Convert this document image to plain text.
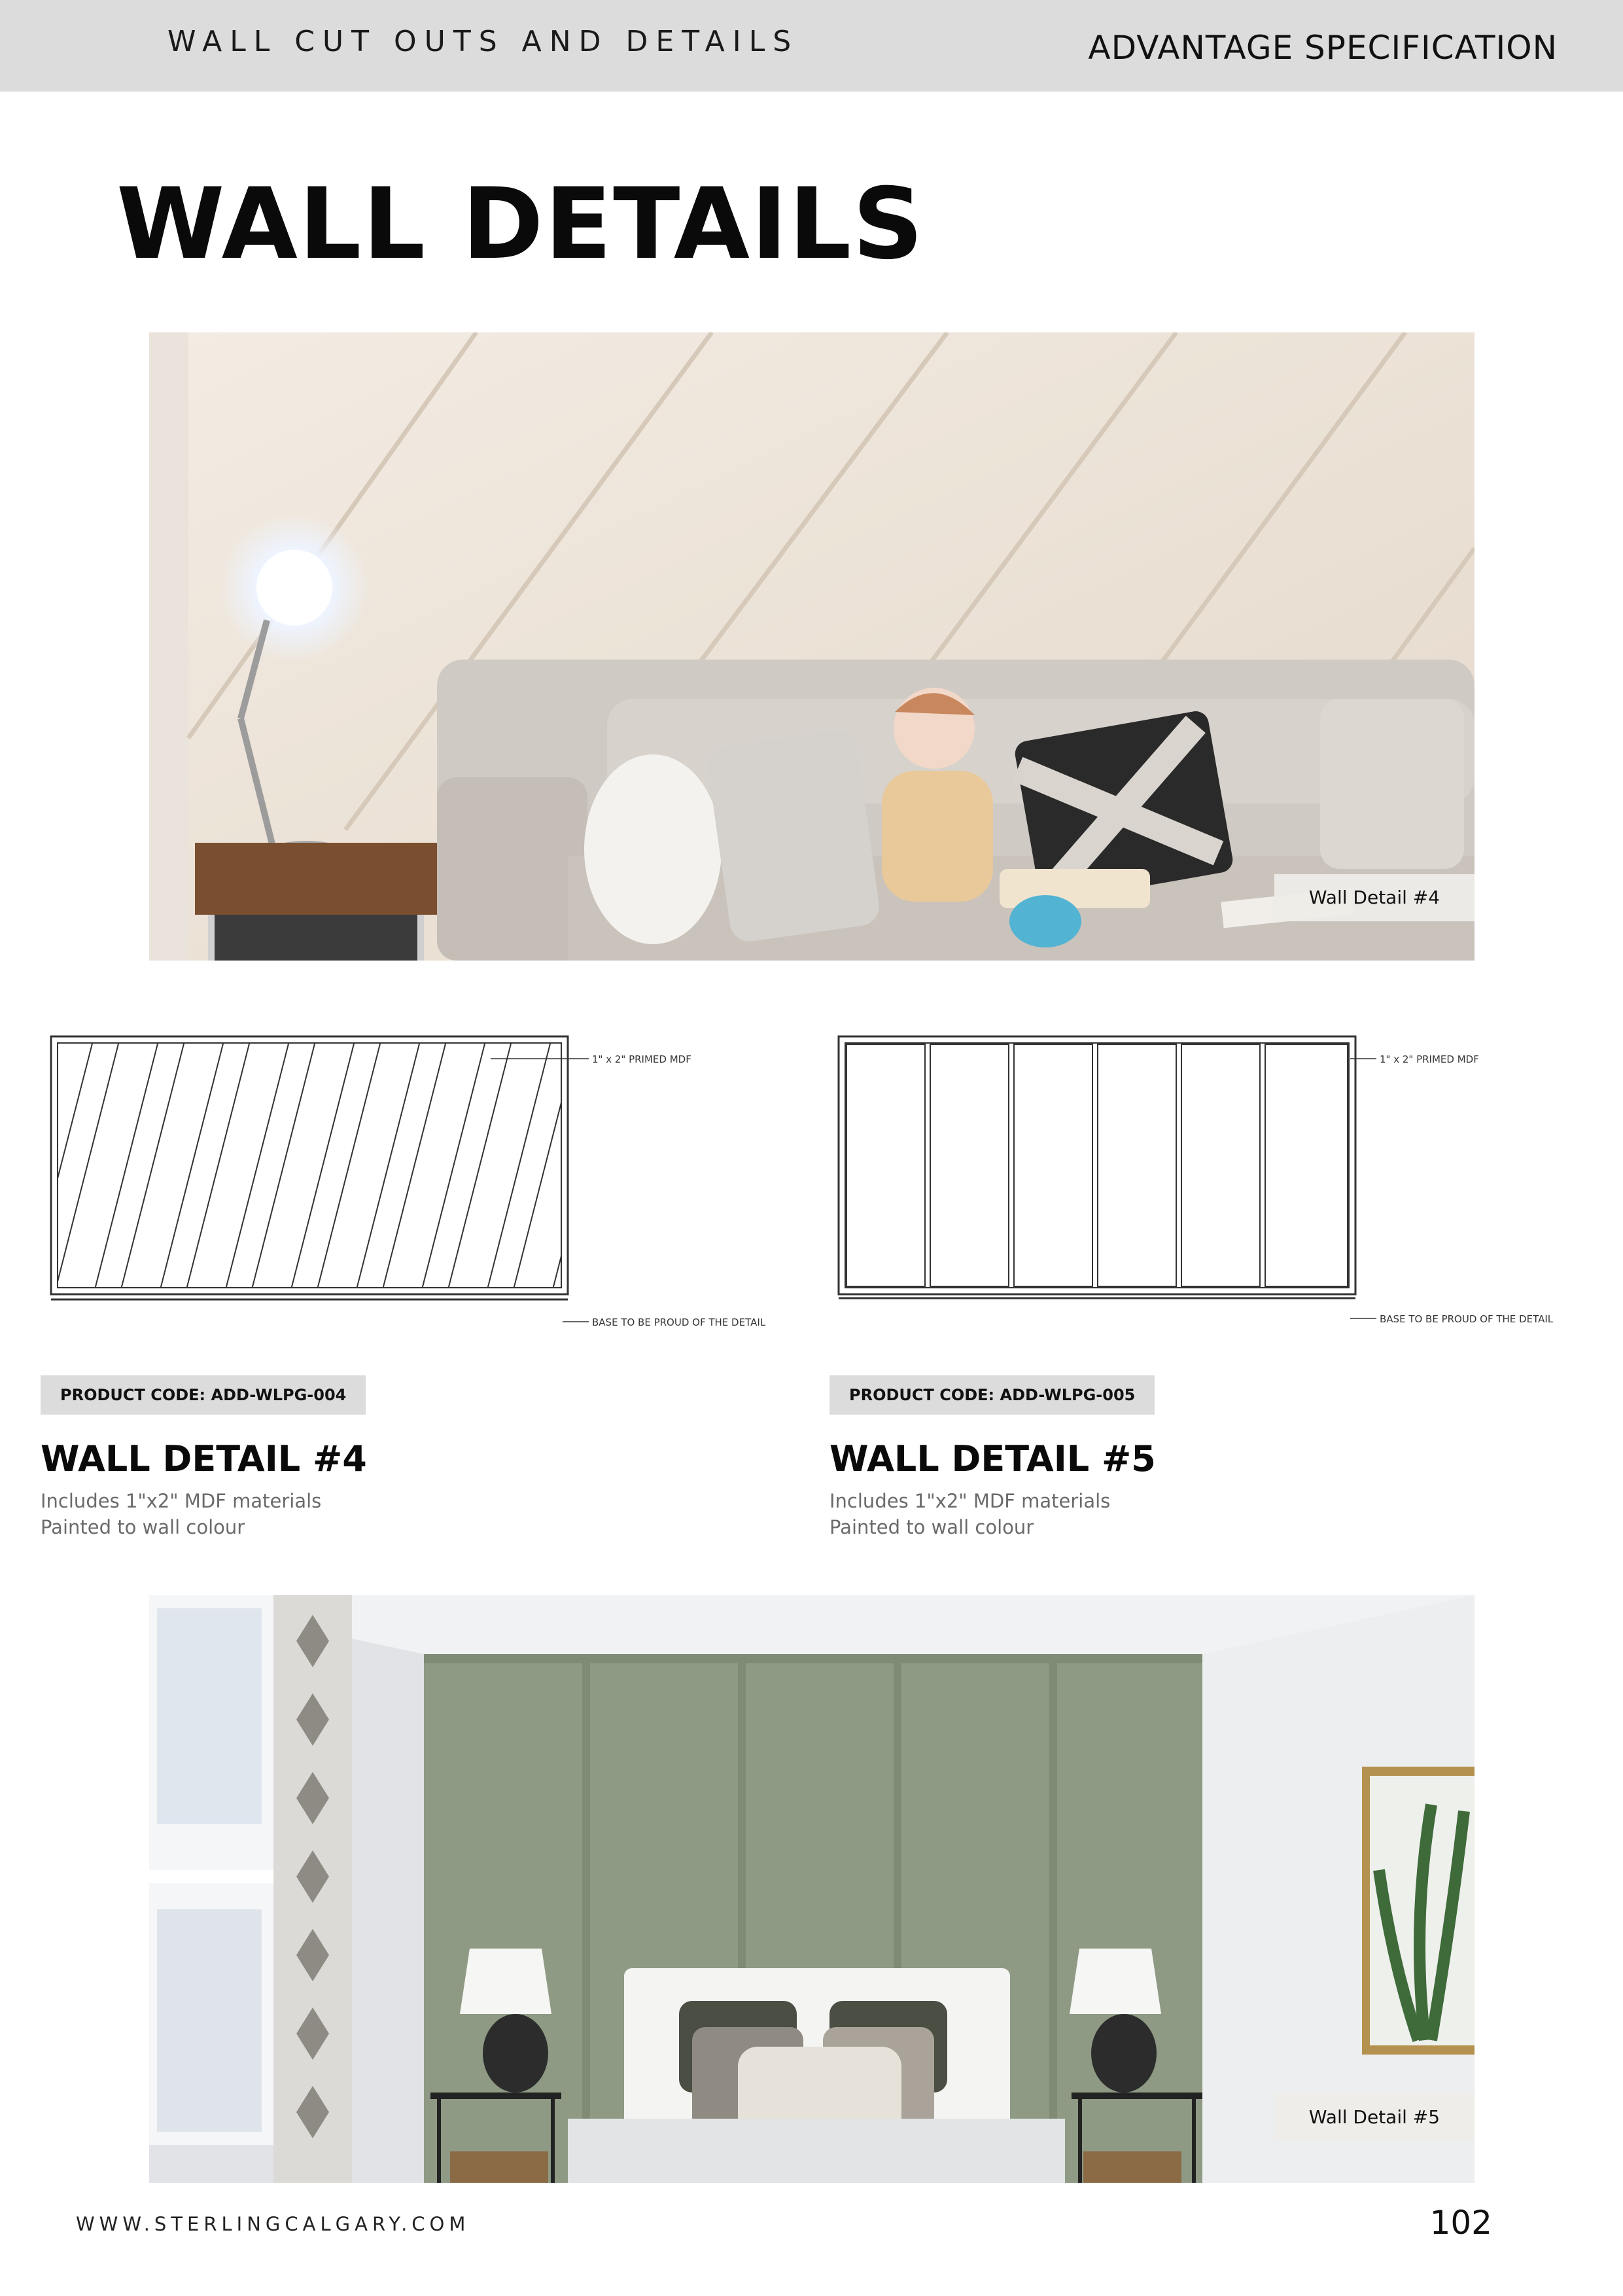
WALL CUT OUTS AND DETAILS	ADVANTAGE SPECIFICATION
WALL DETAILS
Wall Detail #4
1" x 2" PRIMED MDF
BASE TO BE PROUD OF THE DETAIL
1" x 2" PRIMED MDF
BASE TO BE PROUD OF THE DETAIL
PRODUCT CODE: ADD-WLPG-004
WALL DETAIL #4
Includes 1"x2" MDF materials
Painted to wall colour
PRODUCT CODE: ADD-WLPG-005
WALL DETAIL #5
Includes 1"x2" MDF materials
Painted to wall colour
Wall Detail #5
WWW.STERLINGCALGARY.COM	102
